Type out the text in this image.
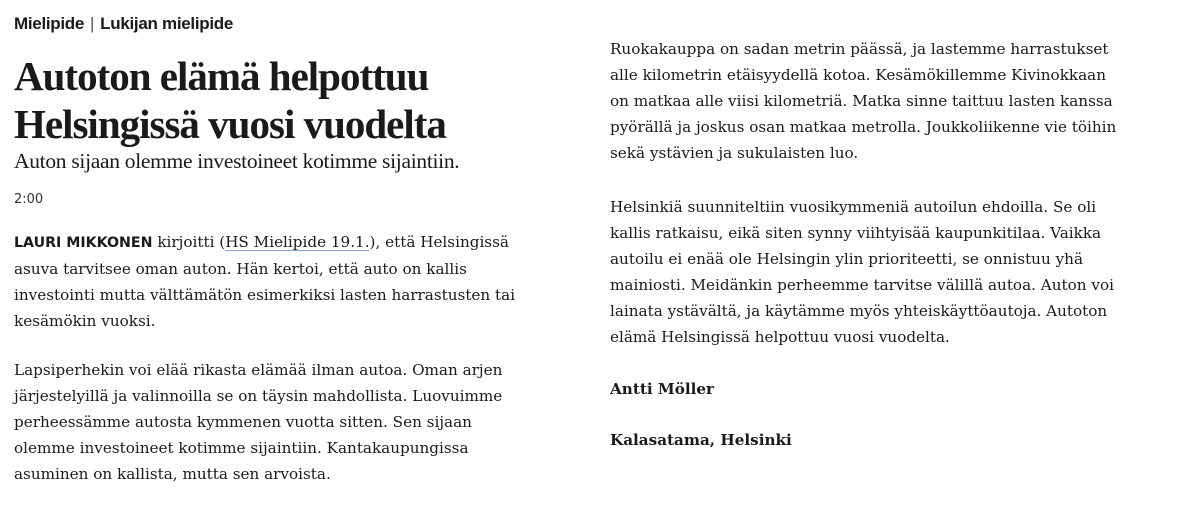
Mielipide | Lukijan mielipide
Autoton elämä helpottuu
Helsingissä vuosi vuodelta

Auton sijaan olemme investoineet kotimme sijaintiin.

2:00

LAURI MIKKONEN kirjoitti (HS Mielipide 19.1.), että Helsingissä
asuva tarvitsee oman auton. Hän kertoi, että auto on kallis
investointi mutta välttämätön esimerkiksi lasten harrastusten tai
kesämökin vuoksi.

Lapsiperhekin voi elää rikasta elämää ilman autoa. Oman arjen
järjestelyillä ja valinnoilla se on täysin mahdollista. Luovuimme
perheessämme autosta kymmenen vuotta sitten. Sen sijaan
olemme investoineet kotimme sijaintiin. Kantakaupungissa
asuminen on kallista, mutta sen arvoista.

Ruokakauppa on sadan metrin päässä, ja lastemme harrastukset
alle kilometrin etäisyydellä kotoa. Kesämökillemme Kivinokkaan
on matkaa alle viisi kilometriä. Matka sinne taittuu lasten kanssa
pyörällä ja joskus osan matkaa metrolla. Joukkoliikenne vie töihin
sekä ystävien ja sukulaisten luo.

Helsinkiä suunniteltiin vuosikymmeniä autoilun ehdoilla. Se oli
kallis ratkaisu, eikä siten synny viihtyisää kaupunkitilaa. Vaikka
autoilu ei enää ole Helsingin ylin prioriteetti, se onnistuu yhä
mainiosti. Meidänkin perheemme tarvitse välillä autoa. Auton voi
lainata ystävältä, ja käytämme myös yhteiskäyttöautoja. Autoton
elämä Helsingissä helpottuu vuosi vuodelta.

Antti Möller

Kalasatama, Helsinki
